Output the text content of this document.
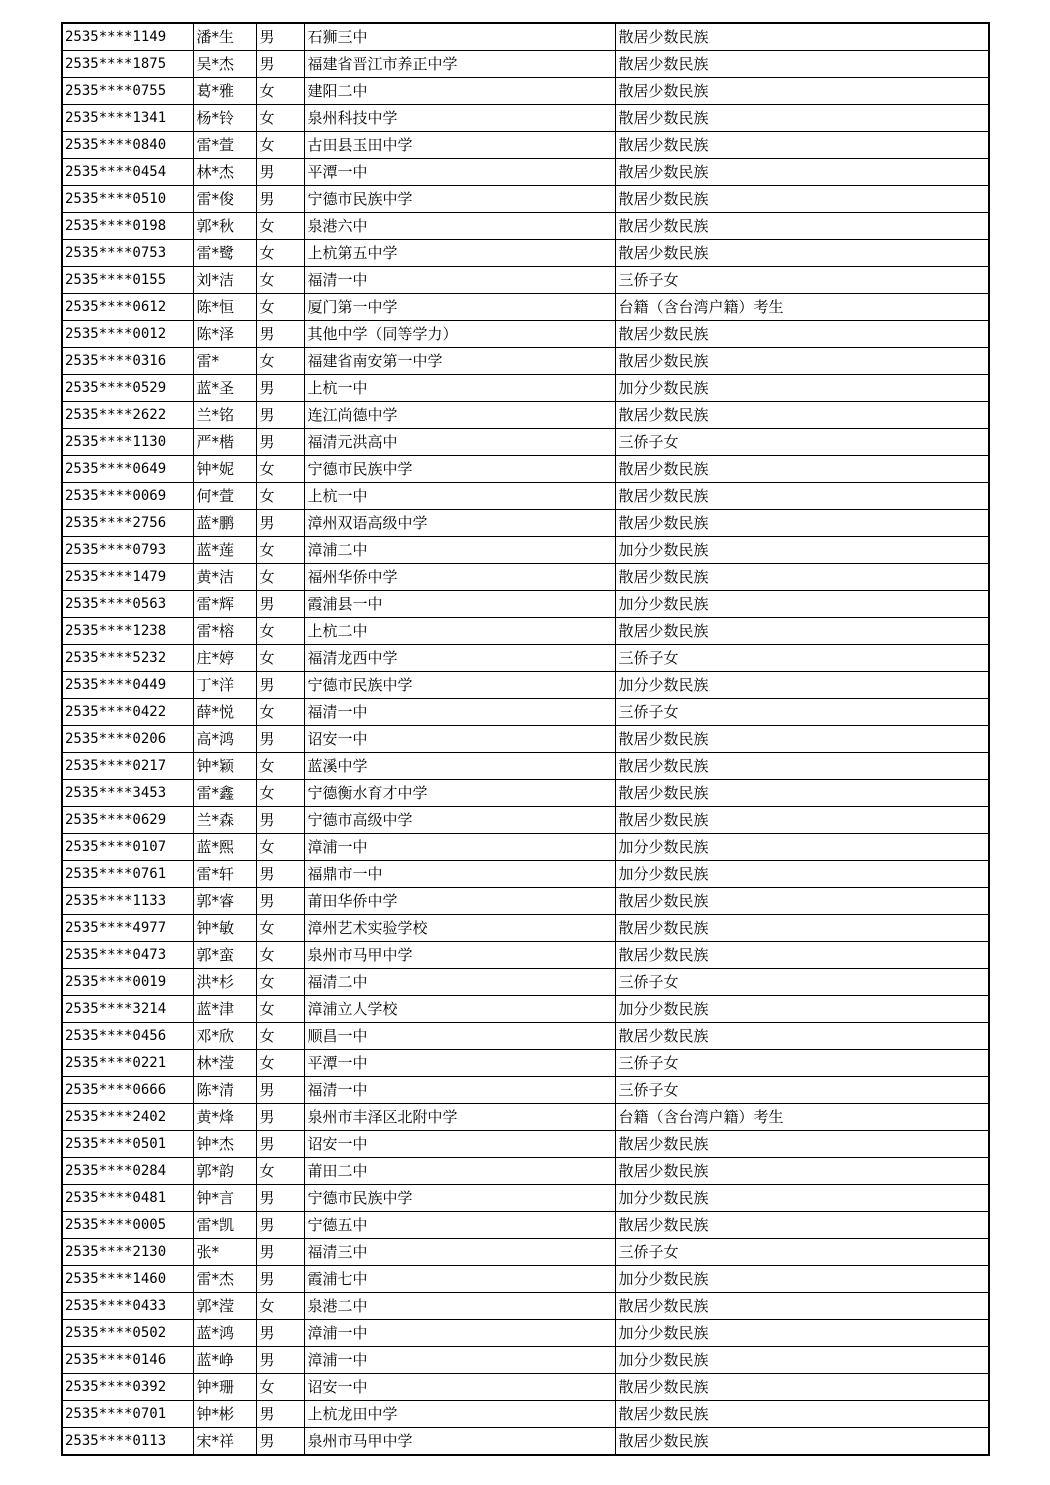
2535****1149	潘*生	男	石狮三中	散居少数民族
2535****1875	吴*杰	男	福建省晋江市养正中学	散居少数民族
2535****0755	葛*雅	女	建阳二中	散居少数民族
2535****1341	杨*铃	女	泉州科技中学	散居少数民族
2535****0840	雷*萱	女	古田县玉田中学	散居少数民族
2535****0454	林*杰	男	平潭一中	散居少数民族
2535****0510	雷*俊	男	宁德市民族中学	散居少数民族
2535****0198	郭*秋	女	泉港六中	散居少数民族
2535****0753	雷*鹭	女	上杭第五中学	散居少数民族
2535****0155	刘*洁	女	福清一中	三侨子女
2535****0612	陈*恒	女	厦门第一中学	台籍（含台湾户籍）考生
2535****0012	陈*泽	男	其他中学（同等学力）	散居少数民族
2535****0316	雷*	女	福建省南安第一中学	散居少数民族
2535****0529	蓝*圣	男	上杭一中	加分少数民族
2535****2622	兰*铭	男	连江尚德中学	散居少数民族
2535****1130	严*楷	男	福清元洪高中	三侨子女
2535****0649	钟*妮	女	宁德市民族中学	散居少数民族
2535****0069	何*萱	女	上杭一中	散居少数民族
2535****2756	蓝*鹏	男	漳州双语高级中学	散居少数民族
2535****0793	蓝*莲	女	漳浦二中	加分少数民族
2535****1479	黄*洁	女	福州华侨中学	散居少数民族
2535****0563	雷*辉	男	霞浦县一中	加分少数民族
2535****1238	雷*榕	女	上杭二中	散居少数民族
2535****5232	庄*婷	女	福清龙西中学	三侨子女
2535****0449	丁*洋	男	宁德市民族中学	加分少数民族
2535****0422	薛*悦	女	福清一中	三侨子女
2535****0206	高*鸿	男	诏安一中	散居少数民族
2535****0217	钟*颖	女	蓝溪中学	散居少数民族
2535****3453	雷*鑫	女	宁德衡水育才中学	散居少数民族
2535****0629	兰*森	男	宁德市高级中学	散居少数民族
2535****0107	蓝*熙	女	漳浦一中	加分少数民族
2535****0761	雷*轩	男	福鼎市一中	加分少数民族
2535****1133	郭*睿	男	莆田华侨中学	散居少数民族
2535****4977	钟*敏	女	漳州艺术实验学校	散居少数民族
2535****0473	郭*蛮	女	泉州市马甲中学	散居少数民族
2535****0019	洪*杉	女	福清二中	三侨子女
2535****3214	蓝*津	女	漳浦立人学校	加分少数民族
2535****0456	邓*欣	女	顺昌一中	散居少数民族
2535****0221	林*滢	女	平潭一中	三侨子女
2535****0666	陈*清	男	福清一中	三侨子女
2535****2402	黄*烽	男	泉州市丰泽区北附中学	台籍（含台湾户籍）考生
2535****0501	钟*杰	男	诏安一中	散居少数民族
2535****0284	郭*韵	女	莆田二中	散居少数民族
2535****0481	钟*言	男	宁德市民族中学	加分少数民族
2535****0005	雷*凯	男	宁德五中	散居少数民族
2535****2130	张*	男	福清三中	三侨子女
2535****1460	雷*杰	男	霞浦七中	加分少数民族
2535****0433	郭*滢	女	泉港二中	散居少数民族
2535****0502	蓝*鸿	男	漳浦一中	加分少数民族
2535****0146	蓝*峥	男	漳浦一中	加分少数民族
2535****0392	钟*珊	女	诏安一中	散居少数民族
2535****0701	钟*彬	男	上杭龙田中学	散居少数民族
2535****0113	宋*祥	男	泉州市马甲中学	散居少数民族
